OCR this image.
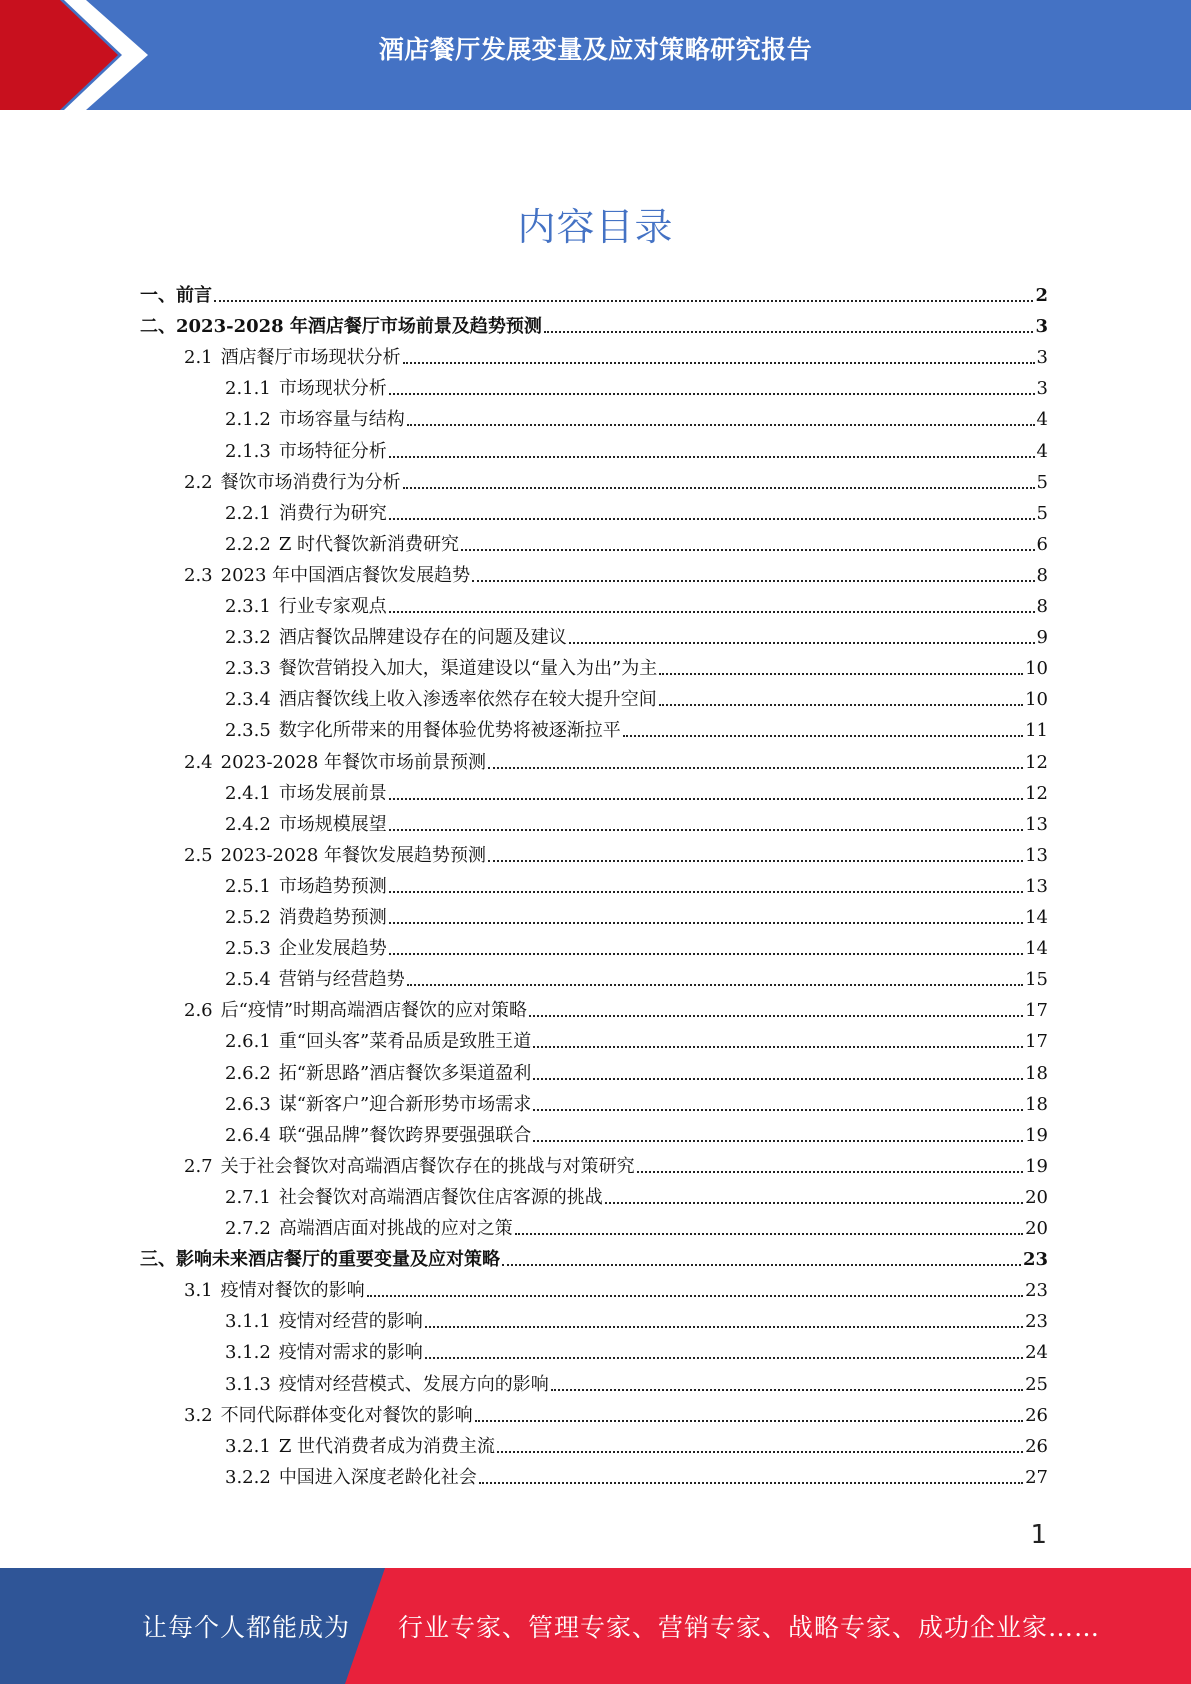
酒店餐厅发展变量及应对策略研究报告
内容目录
一、 前言	2
二、 2023-2028 年酒店餐厅市场前景及趋势预测	3
2.1 酒店餐厅市场现状分析	3
2.1.1 市场现状分析	3
2.1.2 市场容量与结构	4
2.1.3 市场特征分析	4
2.2 餐饮市场消费行为分析	5
2.2.1 消费行为研究	5
2.2.2 Z 时代餐饮新消费研究	6
2.3 2023 年中国酒店餐饮发展趋势	8
2.3.1 行业专家观点	8
2.3.2 酒店餐饮品牌建设存在的问题及建议	9
2.3.3 餐饮营销投入加大，渠道建设以“量入为出”为主	10
2.3.4 酒店餐饮线上收入渗透率依然存在较大提升空间	10
2.3.5 数字化所带来的用餐体验优势将被逐渐拉平	11
2.4 2023-2028 年餐饮市场前景预测	12
2.4.1 市场发展前景	12
2.4.2 市场规模展望	13
2.5 2023-2028 年餐饮发展趋势预测	13
2.5.1 市场趋势预测	13
2.5.2 消费趋势预测	14
2.5.3 企业发展趋势	14
2.5.4 营销与经营趋势	15
2.6 后“疫情”时期高端酒店餐饮的应对策略	17
2.6.1 重“回头客”菜肴品质是致胜王道	17
2.6.2 拓“新思路”酒店餐饮多渠道盈利	18
2.6.3 谋“新客户”迎合新形势市场需求	18
2.6.4 联“强品牌”餐饮跨界要强强联合	19
2.7 关于社会餐饮对高端酒店餐饮存在的挑战与对策研究	19
2.7.1 社会餐饮对高端酒店餐饮住店客源的挑战	20
2.7.2 高端酒店面对挑战的应对之策	20
三、 影响未来酒店餐厅的重要变量及应对策略	23
3.1 疫情对餐饮的影响	23
3.1.1 疫情对经营的影响	23
3.1.2 疫情对需求的影响	24
3.1.3 疫情对经营模式、发展方向的影响	25
3.2 不同代际群体变化对餐饮的影响	26
3.2.1 Z 世代消费者成为消费主流	26
3.2.2 中国进入深度老龄化社会	27
1
让每个人都能成为 行业专家、管理专家、营销专家、战略专家、成功企业家……
